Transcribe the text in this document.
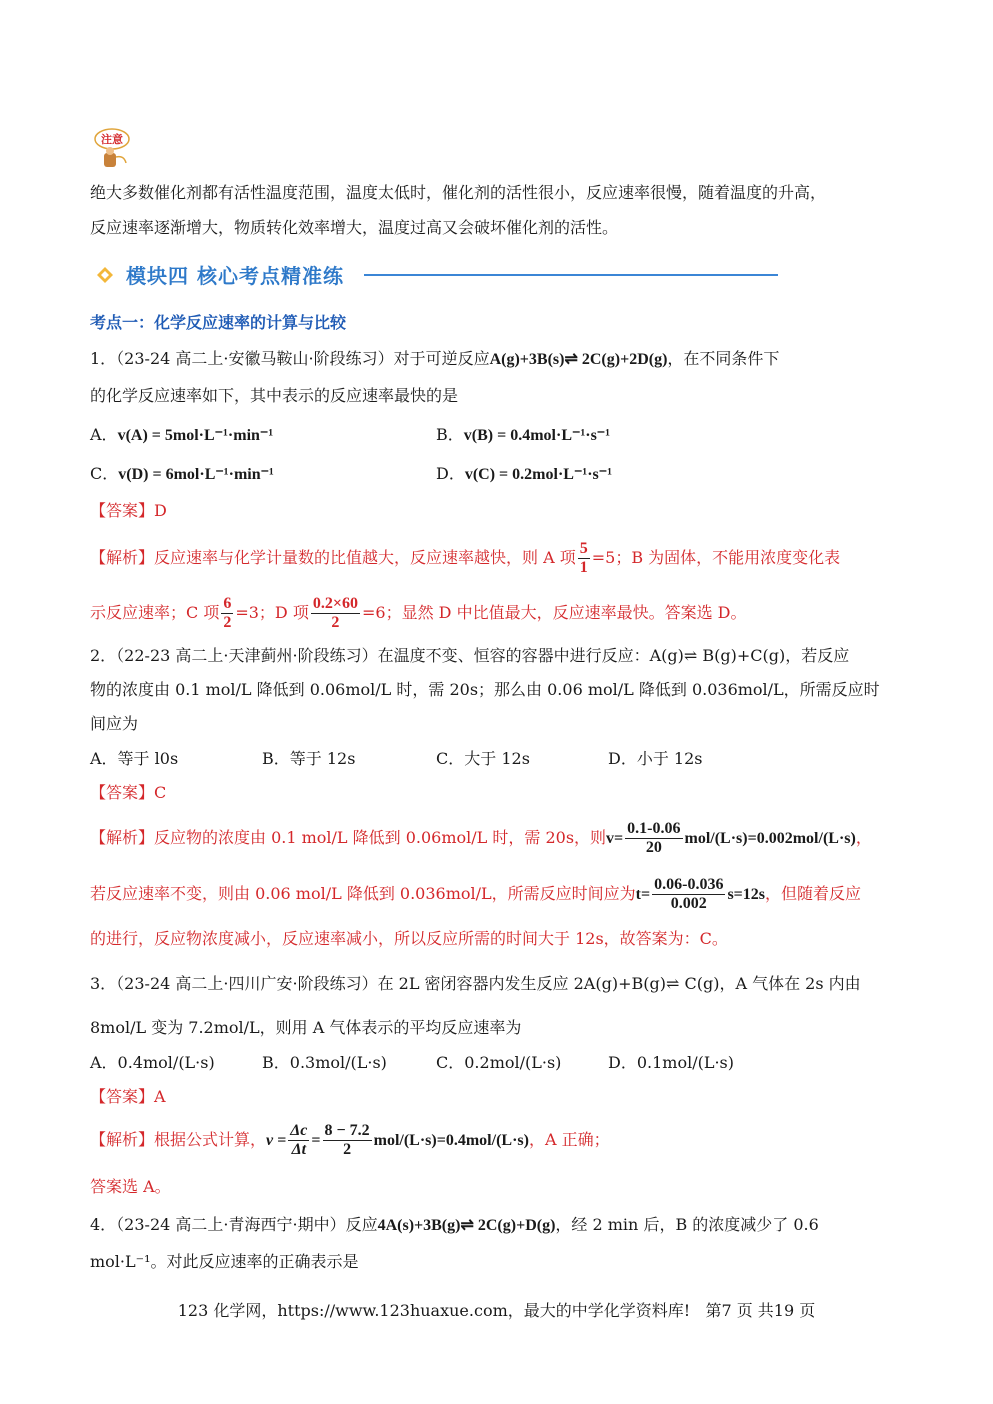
注意
绝大多数催化剂都有活性温度范围，温度太低时，催化剂的活性很小，反应速率很慢，随着温度的升高，
反应速率逐渐增大，物质转化效率增大，温度过高又会破坏催化剂的活性。
模块四 核心考点精准练
考点一：化学反应速率的计算与比较
1．（23-24 高二上·安徽马鞍山·阶段练习）对于可逆反应A(g)+3B(s)⇌ 2C(g)+2D(g)，在不同条件下
的化学反应速率如下，其中表示的反应速率最快的是
A．v(A) = 5mol·L⁻¹·min⁻¹	B．v(B) = 0.4mol·L⁻¹·s⁻¹
C．v(D) = 6mol·L⁻¹·min⁻¹	D．v(C) = 0.2mol·L⁻¹·s⁻¹
【答案】D
【解析】反应速率与化学计量数的比值越大，反应速率越快，则 A 项 $\frac{5}{1} =5$；B 为固体，不能用浓度变化表
示反应速率；C 项 $\frac{6}{2} =3$；D 项 $\frac{0.2\times 60}{2} =6$；显然 D 中比值最大，反应速率最快。答案选 D。
2．（22-23 高二上·天津蓟州·阶段练习）在温度不变、恒容的容器中进行反应：A(g)⇌ B(g)+C(g)，若反应
物的浓度由 0.1 mol/L 降低到 0.06mol/L 时，需 20s；那么由 0.06 mol/L 降低到 0.036mol/L，所需反应时
间应为
A．等于 l0s	B．等于 12s	C．大于 12s	D．小于 12s
【答案】C
【解析】反应物的浓度由 0.1 mol/L 降低到 0.06mol/L 时，需 20s，则$v= \frac{0.1-0.06}{20} mol/(L\cdot s)=0.002mol/(L\cdot s)$，
若反应速率不变，则由 0.06 mol/L 降低到 0.036mol/L，所需反应时间应为$t= \frac{0.06-0.036}{0.002} s=12s$，但随着反应
的进行，反应物浓度减小，反应速率减小，所以反应所需的时间大于 12s，故答案为：C。
3．（23-24 高二上·四川广安·阶段练习）在 2L 密闭容器内发生反应 2A(g)+B(g)⇌ C(g)，A 气体在 2s 内由
8mol/L 变为 7.2mol/L，则用 A 气体表示的平均反应速率为
A．0.4mol/(L·s)	B．0.3mol/(L·s)	C．0.2mol/(L·s)	D．0.1mol/(L·s)
【答案】A
【解析】根据公式计算，$v = \frac{\Delta c}{\Delta t} = \frac{8 - 7.2}{2} mol/(L\cdot s)=0.4mol/(L\cdot s)$，A 正确；
答案选 A。
4．（23-24 高二上·青海西宁·期中）反应4A(s)+3B(g)⇌ 2C(g)+D(g)，经 2 min 后，B 的浓度减少了 0.6
mol·L⁻¹。对此反应速率的正确表示是
123 化学网，https://www.123huaxue.com，最大的中学化学资料库! 第7 页 共19 页
